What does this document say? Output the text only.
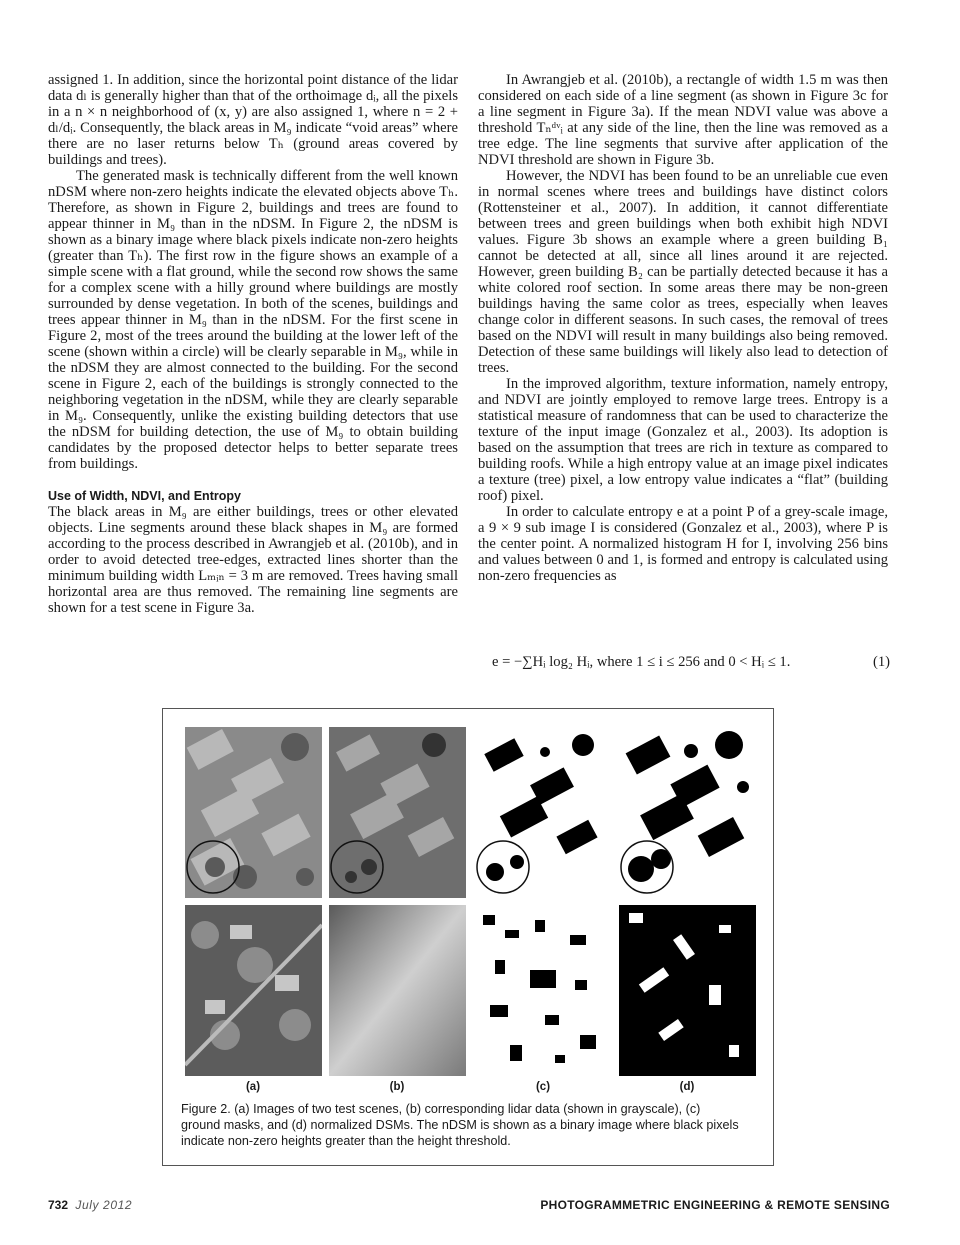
assigned 1. In addition, since the horizontal point distance of the lidar data dₗ is generally higher than that of the orthoimage dᵢ, all the pixels in a n × n neighborhood of (x, y) are also assigned 1, where n = 2 + dₗ/dᵢ. Consequently, the black areas in M₉ indicate “void areas” where there are no laser returns below Tₕ (ground areas covered by buildings and trees).

The generated mask is technically different from the well known nDSM where non-zero heights indicate the elevated objects above Tₕ. Therefore, as shown in Figure 2, buildings and trees are found to appear thinner in M₉ than in the nDSM. In Figure 2, the nDSM is shown as a binary image where black pixels indicate non-zero heights (greater than Tₕ). The first row in the figure shows an example of a simple scene with a flat ground, while the second row shows the same for a complex scene with a hilly ground where buildings are mostly surrounded by dense vegetation. In both of the scenes, buildings and trees appear thinner in M₉ than in the nDSM. For the first scene in Figure 2, most of the trees around the building at the lower left of the scene (shown within a circle) will be clearly separable in M₉, while in the nDSM they are almost connected to the building. For the second scene in Figure 2, each of the buildings is strongly connected to the neighboring vegetation in the nDSM, while they are clearly separable in M₉. Consequently, unlike the existing building detectors that use the nDSM for building detection, the use of M₉ to obtain building candidates by the proposed detector helps to better separate trees from buildings.

Use of Width, NDVI, and Entropy

The black areas in M₉ are either buildings, trees or other elevated objects. Line segments around these black shapes in M₉ are formed according to the process described in Awrangjeb et al. (2010b), and in order to avoid detected tree-edges, extracted lines shorter than the minimum building width Lₘᵢₙ = 3 m are removed. Trees having small horizontal area are thus removed. The remaining line segments are shown for a test scene in Figure 3a.

In Awrangjeb et al. (2010b), a rectangle of width 1.5 m was then considered on each side of a line segment (as shown in Figure 3c for a line segment in Figure 3a). If the mean NDVI value was above a threshold Tₙᵈᵛᵢ at any side of the line, then the line was removed as a tree edge. The line segments that survive after application of the NDVI threshold are shown in Figure 3b.

However, the NDVI has been found to be an unreliable cue even in normal scenes where trees and buildings have distinct colors (Rottensteiner et al., 2007). In addition, it cannot differentiate between trees and green buildings when both exhibit high NDVI values. Figure 3b shows an example where a green building B₁ cannot be detected at all, since all lines around it are rejected. However, green building B₂ can be partially detected because it has a white colored roof section. In some areas there may be non-green buildings having the same color as trees, especially when leaves change color in different seasons. In such cases, the removal of trees based on the NDVI will result in many buildings also being removed. Detection of these same buildings will likely also lead to detection of trees.

In the improved algorithm, texture information, namely entropy, and NDVI are jointly employed to remove large trees. Entropy is a statistical measure of randomness that can be used to characterize the texture of the input image (Gonzalez et al., 2003). Its adoption is based on the assumption that trees are rich in texture as compared to building roofs. While a high entropy value at an image pixel indicates a texture (tree) pixel, a low entropy value indicates a “flat” (building roof) pixel.

In order to calculate entropy e at a point P of a grey-scale image, a 9 × 9 sub image I is considered (Gonzalez et al., 2003), where P is the center point. A normalized histogram H for I, involving 256 bins and values between 0 and 1, is formed and entropy is calculated using non-zero frequencies as

e = −∑Hᵢ log₂ Hᵢ, where 1 ≤ i ≤ 256 and 0 < Hᵢ ≤ 1.	(1)
(a)	(b)	(c)	(d)
Figure 2. (a) Images of two test scenes, (b) corresponding lidar data (shown in grayscale), (c) ground masks, and (d) normalized DSMs. The nDSM is shown as a binary image where black pixels indicate non-zero heights greater than the height threshold.
732 July 2012	PHOTOGRAMMETRIC ENGINEERING & REMOTE SENSING
